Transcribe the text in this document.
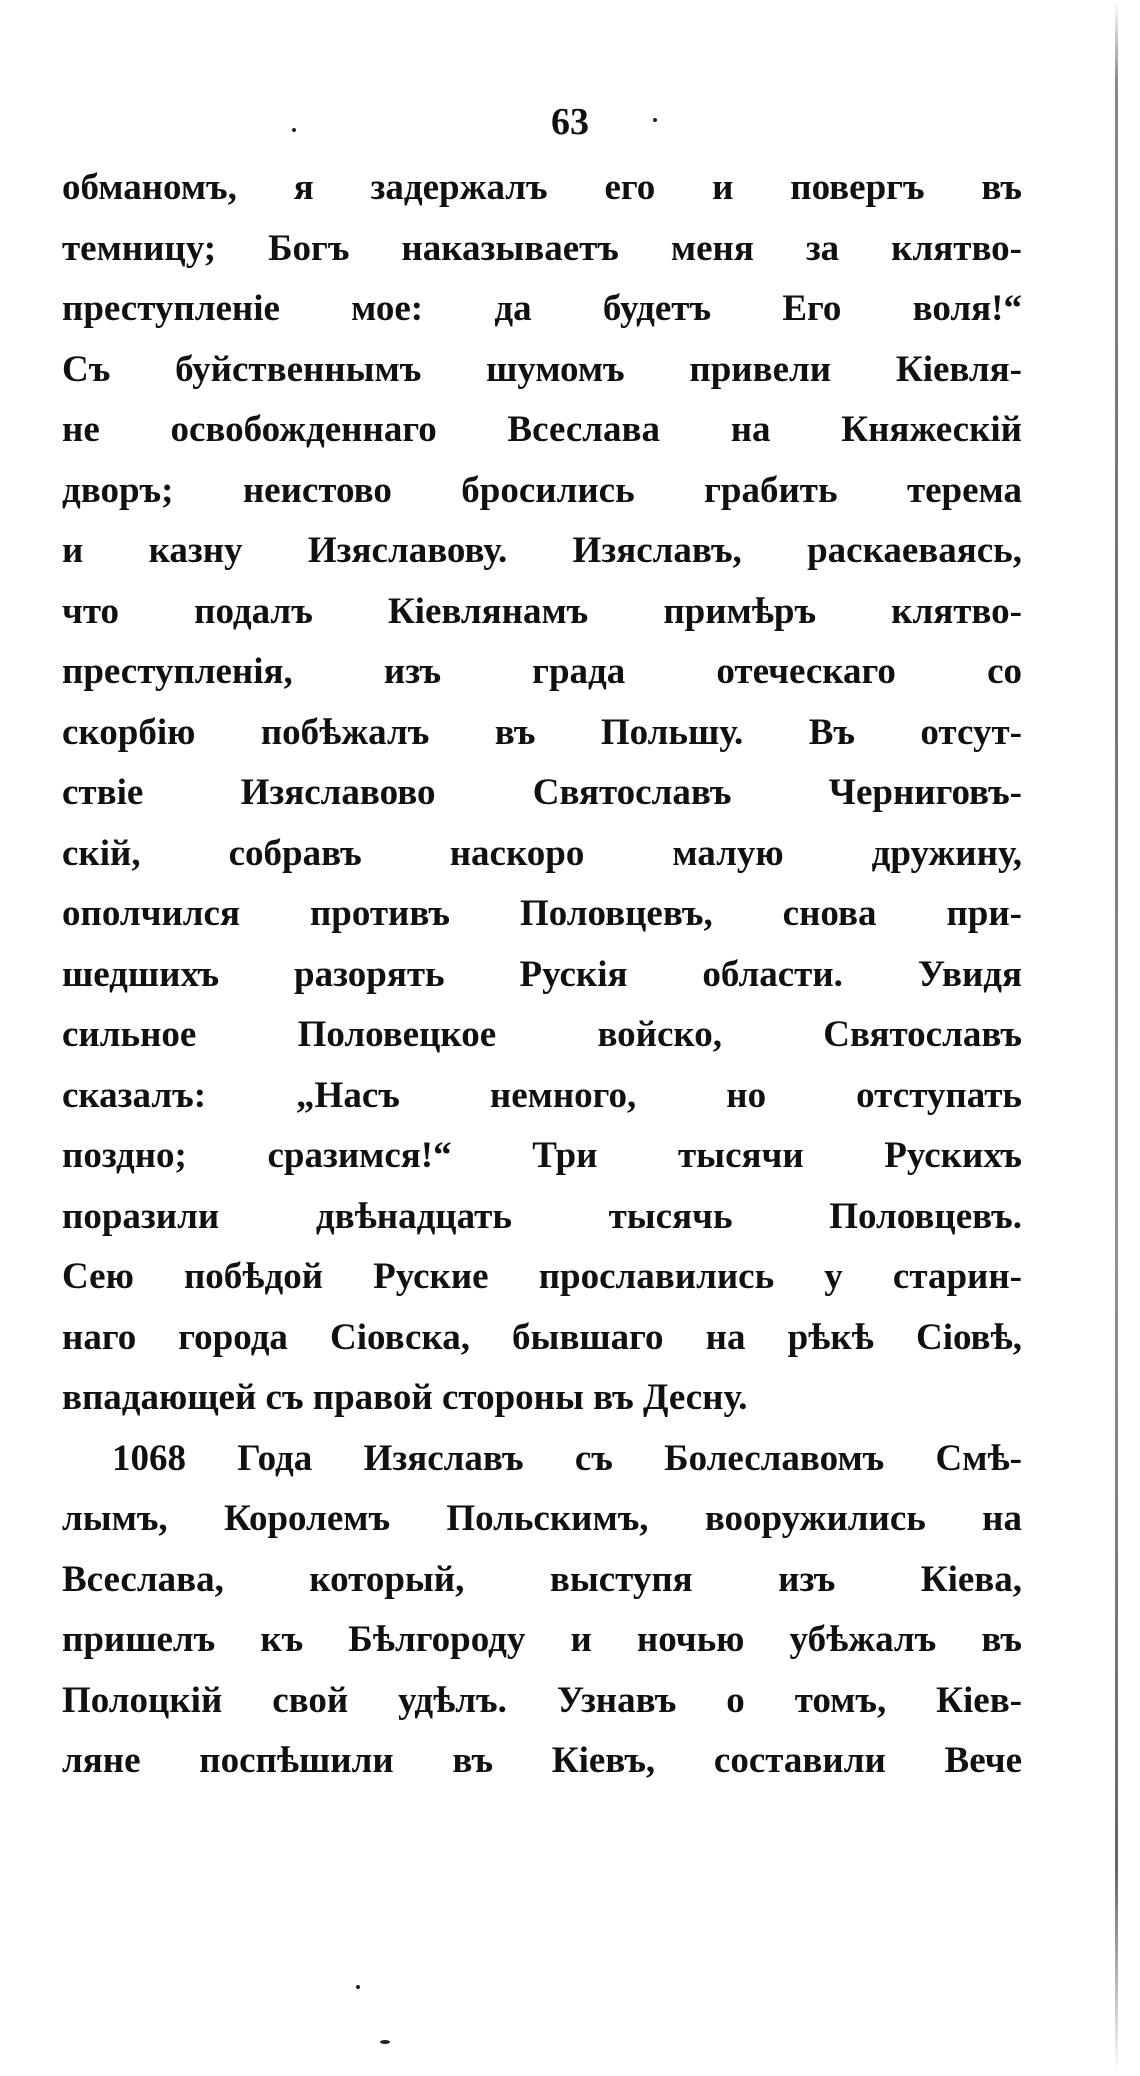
63
обманомъ, я задержалъ его и повергъ въ
темницу; Богъ наказываетъ меня за клятво-
преступленіе мое: да будетъ Его воля!“
Съ буйственнымъ шумомъ привели Кіевля-
не освобожденнаго Всеслава на Княжескій
дворъ; неистово бросились грабить терема
и казну Изяславову. Изяславъ, раскаеваясь,
что подалъ Кіевлянамъ примѣръ клятво-
преступленія, изъ града отеческаго со
скорбію побѣжалъ въ Польшу. Въ отсут-
ствіе Изяславово Святославъ Черниговъ-
скій, собравъ наскоро малую дружину,
ополчился противъ Половцевъ, снова при-
шедшихъ разорять Рускія области. Увидя
сильное Половецкое войско, Святославъ
сказалъ: „Насъ немного, но отступать
поздно; сразимся!“ Три тысячи Рускихъ
поразили двѣнадцать тысячь Половцевъ.
Сею побѣдой Руские прославились у старин-
наго города Сіовска, бывшаго на рѣкѣ Сіовѣ,
впадающей съ правой стороны въ Десну.
1068 Года Изяславъ съ Болеславомъ Смѣ-
лымъ, Королемъ Польскимъ, вооружились на
Всеслава, который, выступя изъ Кіева,
пришелъ къ Бѣлгороду и ночью убѣжалъ въ
Полоцкій свой удѣлъ. Узнавъ о томъ, Кіев-
ляне поспѣшили въ Кіевъ, составили Вече
